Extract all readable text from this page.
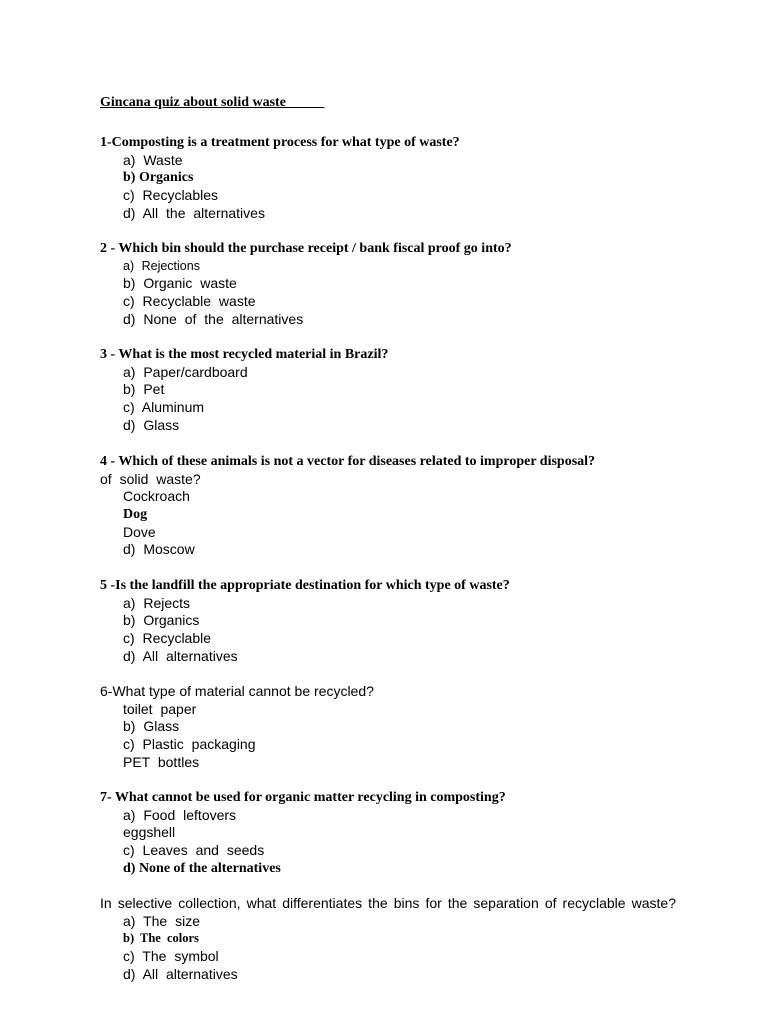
Gincana quiz about solid waste
1-Composting is a treatment process for what type of waste?
a) Waste
b) Organics
c) Recyclables
d) All the alternatives
2 - Which bin should the purchase receipt / bank fiscal proof go into?
a) Rejections
b) Organic waste
c) Recyclable waste
d) None of the alternatives
3 - What is the most recycled material in Brazil?
a) Paper/cardboard
b) Pet
c) Aluminum
d) Glass
4 - Which of these animals is not a vector for diseases related to improper disposal?
of solid waste?
Cockroach
Dog
Dove
d) Moscow
5 -Is the landfill the appropriate destination for which type of waste?
a) Rejects
b) Organics
c) Recyclable
d) All alternatives
6-What type of material cannot be recycled?
toilet paper
b) Glass
c) Plastic packaging
PET bottles
7- What cannot be used for organic matter recycling in composting?
a) Food leftovers
eggshell
c) Leaves and seeds
d) None of the alternatives
In selective collection, what differentiates the bins for the separation of recyclable waste?
a) The size
b) The colors
c) The symbol
d) All alternatives
